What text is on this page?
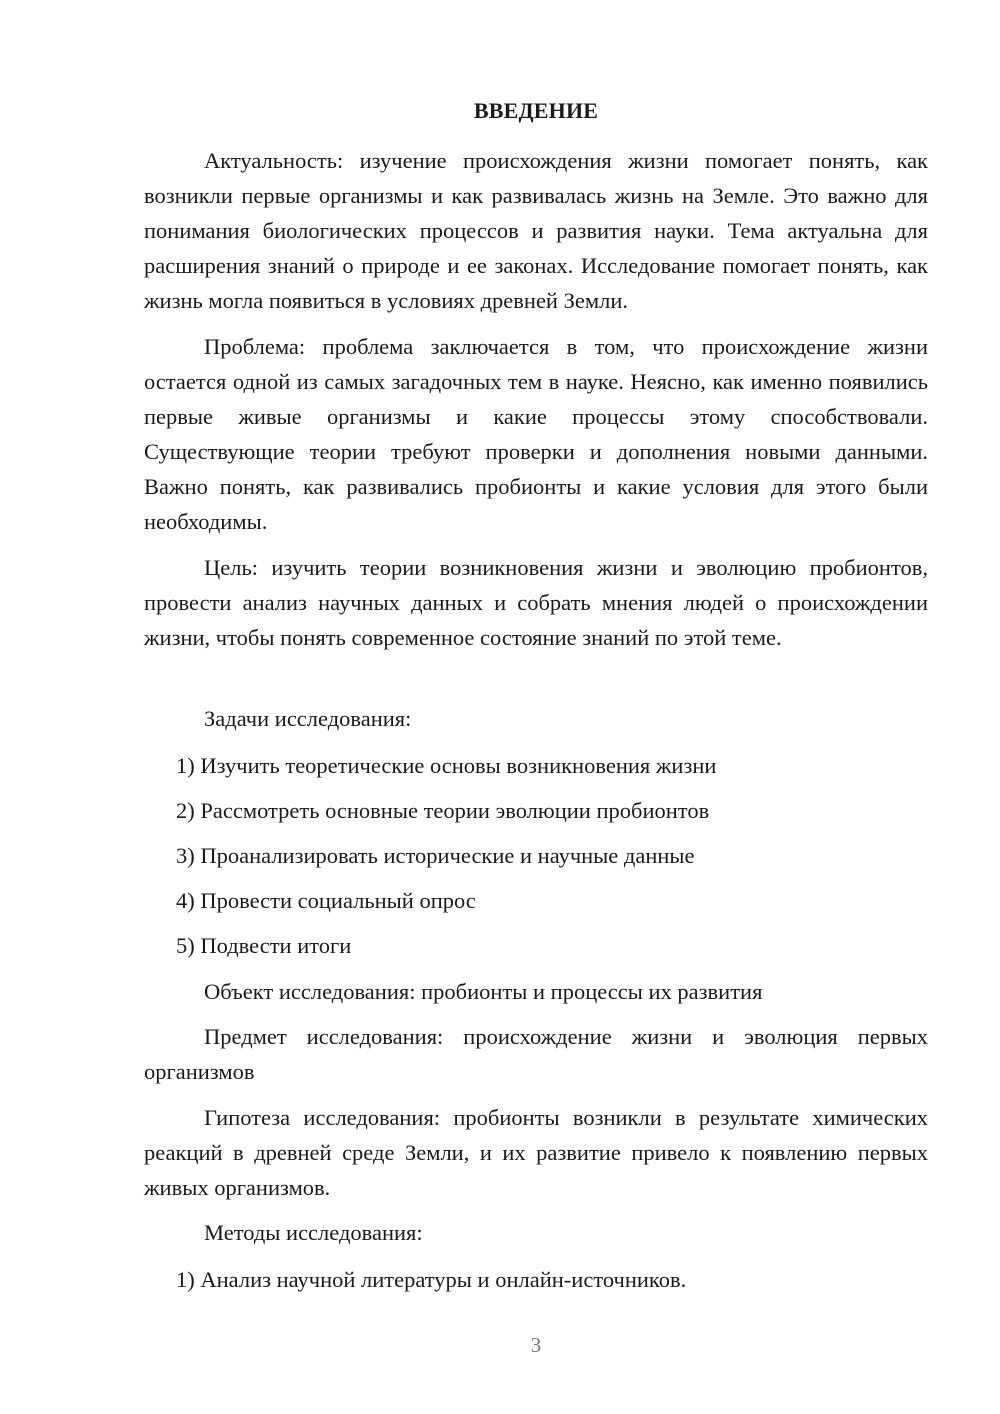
ВВЕДЕНИЕ

Актуальность: изучение происхождения жизни помогает понять, как возникли первые организмы и как развивалась жизнь на Земле. Это важно для понимания биологических процессов и развития науки. Тема актуальна для расширения знаний о природе и ее законах. Исследование помогает понять, как жизнь могла появиться в условиях древней Земли.

Проблема: проблема заключается в том, что происхождение жизни остается одной из самых загадочных тем в науке. Неясно, как именно появились первые живые организмы и какие процессы этому способствовали. Существующие теории требуют проверки и дополнения новыми данными. Важно понять, как развивались пробионты и какие условия для этого были необходимы.

Цель: изучить теории возникновения жизни и эволюцию пробионтов, провести анализ научных данных и собрать мнения людей о происхождении жизни, чтобы понять современное состояние знаний по этой теме.

Задачи исследования:

1) Изучить теоретические основы возникновения жизни

2) Рассмотреть основные теории эволюции пробионтов

3) Проанализировать исторические и научные данные

4) Провести социальный опрос

5) Подвести итоги

Объект исследования: пробионты и процессы их развития

Предмет исследования: происхождение жизни и эволюция первых организмов

Гипотеза исследования: пробионты возникли в результате химических реакций в древней среде Земли, и их развитие привело к появлению первых живых организмов.

Методы исследования:

1) Анализ научной литературы и онлайн-источников.

3
